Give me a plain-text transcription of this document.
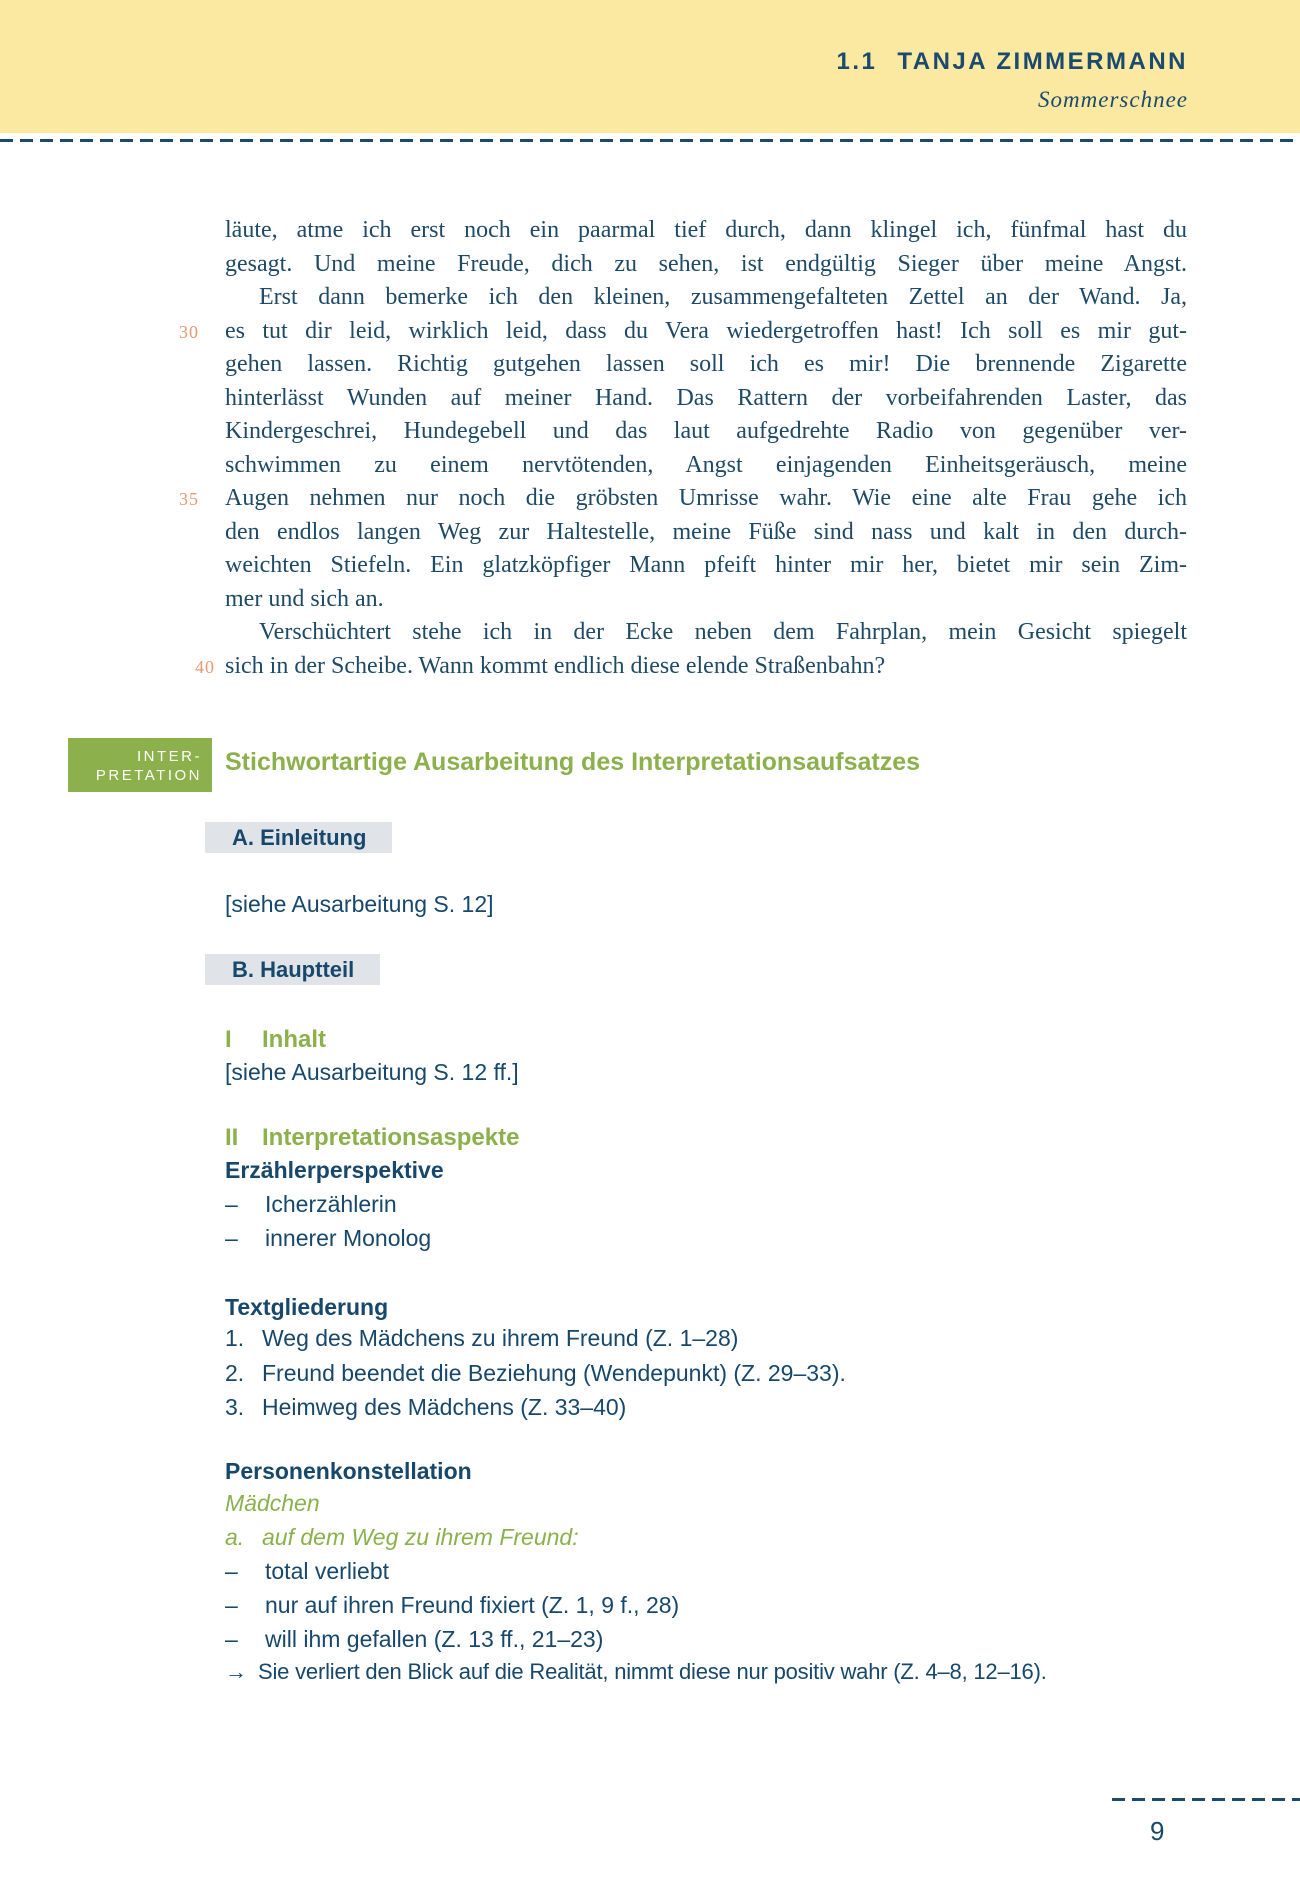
1.1 TANJA ZIMMERMANN
Sommerschnee
läute, atme ich erst noch ein paarmal tief durch, dann klingel ich, fünfmal hast du
gesagt. Und meine Freude, dich zu sehen, ist endgültig Sieger über meine Angst.
Erst dann bemerke ich den kleinen, zusammengefalteten Zettel an der Wand. Ja,
30	es tut dir leid, wirklich leid, dass du Vera wiedergetroffen hast! Ich soll es mir gut-
gehen lassen. Richtig gutgehen lassen soll ich es mir! Die brennende Zigarette
hinterlässt Wunden auf meiner Hand. Das Rattern der vorbeifahrenden Laster, das
Kindergeschrei, Hundegebell und das laut aufgedrehte Radio von gegenüber ver-
schwimmen zu einem nervtötenden, Angst einjagenden Einheitsgeräusch, meine
35	Augen nehmen nur noch die gröbsten Umrisse wahr. Wie eine alte Frau gehe ich
den endlos langen Weg zur Haltestelle, meine Füße sind nass und kalt in den durch-
weichten Stiefeln. Ein glatzköpfiger Mann pfeift hinter mir her, bietet mir sein Zim-
mer und sich an.
Verschüchtert stehe ich in der Ecke neben dem Fahrplan, mein Gesicht spiegelt
40 sich in der Scheibe. Wann kommt endlich diese elende Straßenbahn?
INTER-
PRETATION Stichwortartige Ausarbeitung des Interpretationsaufsatzes
A. Einleitung
[siehe Ausarbeitung S. 12]
B. Hauptteil
I Inhalt
[siehe Ausarbeitung S. 12 ff.]
II Interpretationsaspekte
Erzählerperspektive
– Icherzählerin
– innerer Monolog
Textgliederung
1. Weg des Mädchens zu ihrem Freund (Z. 1–28)
2. Freund beendet die Beziehung (Wendepunkt) (Z. 29–33).
3. Heimweg des Mädchens (Z. 33–40)
Personenkonstellation
Mädchen
a. auf dem Weg zu ihrem Freund:
– total verliebt
– nur auf ihren Freund fixiert (Z. 1, 9 f., 28)
– will ihm gefallen (Z. 13 ff., 21–23)
→ Sie verliert den Blick auf die Realität, nimmt diese nur positiv wahr (Z. 4–8, 12–16).
9
